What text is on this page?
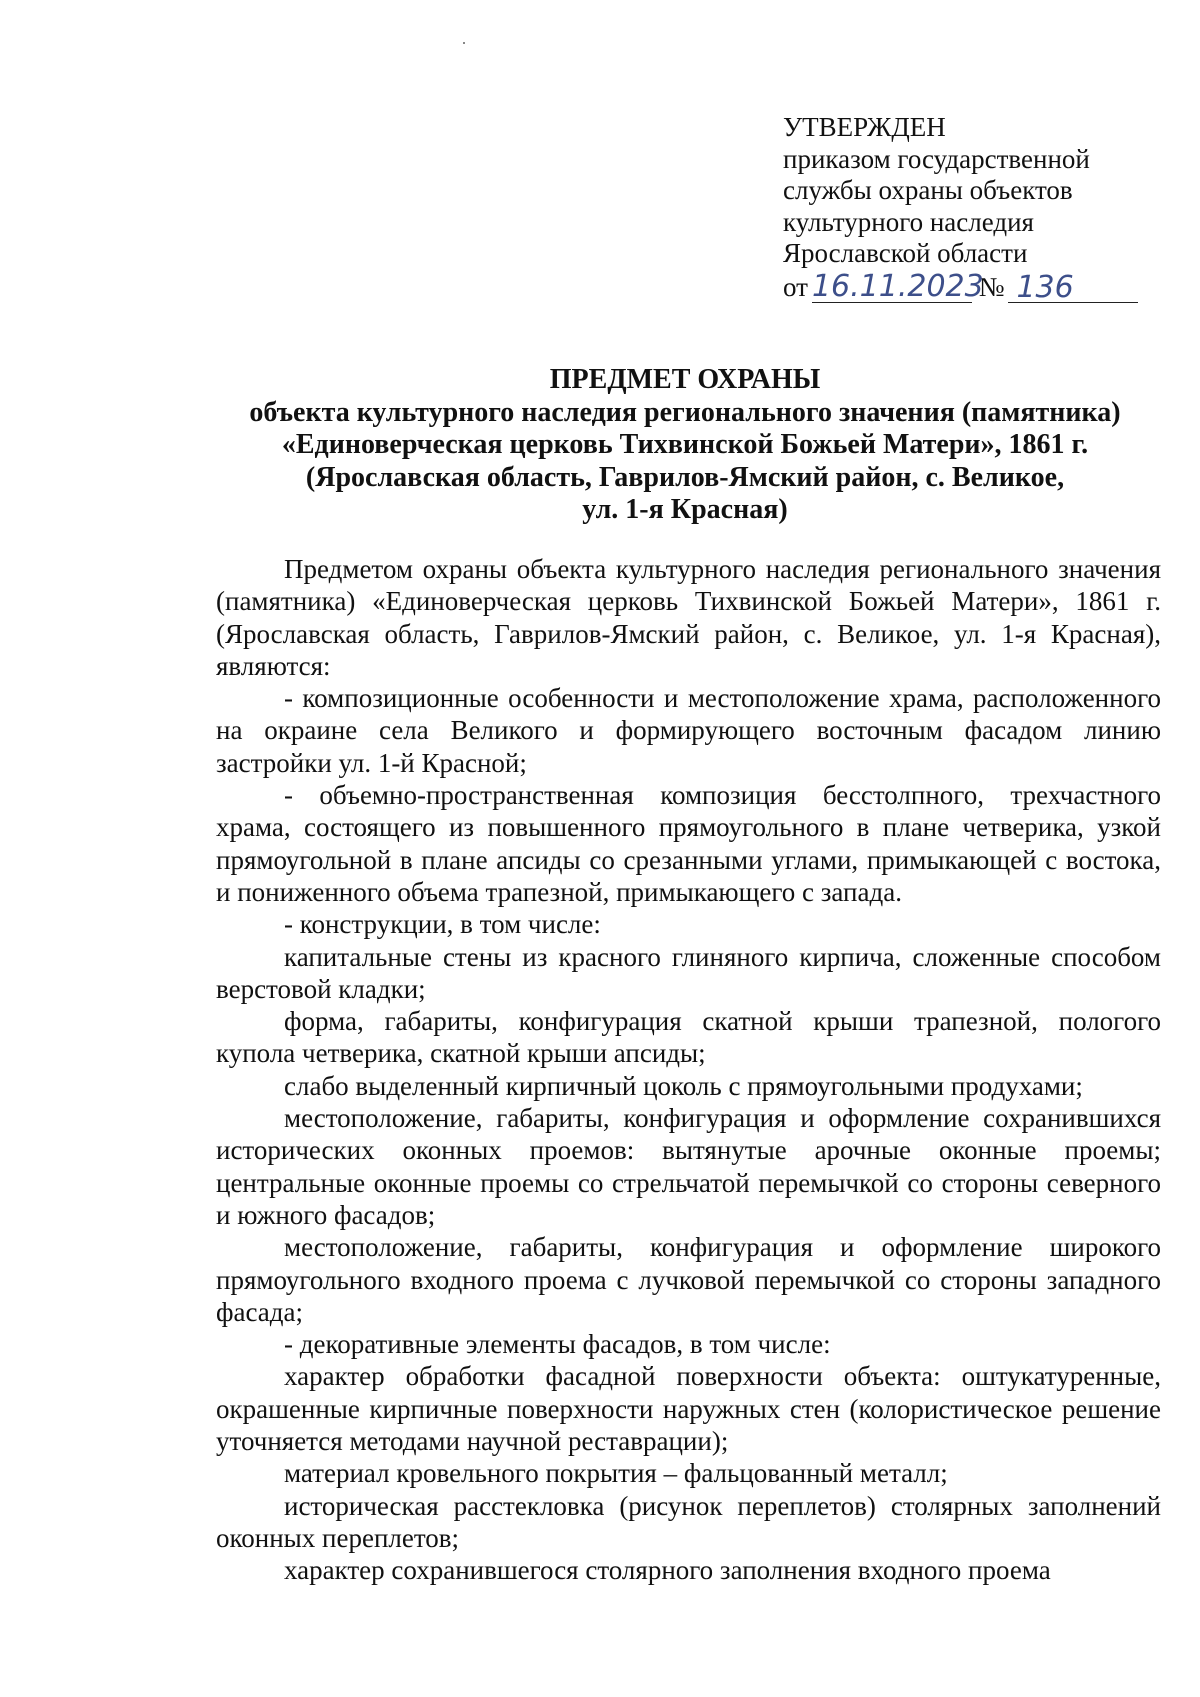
УТВЕРЖДЕН
приказом государственной
службы охраны объектов
культурного наследия
Ярославской области
от 16.11.2023 № 136
ПРЕДМЕТ ОХРАНЫ
объекта культурного наследия регионального значения (памятника)
«Единоверческая церковь Тихвинской Божьей Матери», 1861 г.
(Ярославская область, Гаврилов-Ямский район, с. Великое,
ул. 1-я Красная)

Предметом охраны объекта культурного наследия регионального значения (памятника) «Единоверческая церковь Тихвинской Божьей Матери», 1861 г. (Ярославская область, Гаврилов-Ямский район, с. Великое, ул. 1-я Красная), являются:

- композиционные особенности и местоположение храма, расположенного на окраине села Великого и формирующего восточным фасадом линию застройки ул. 1-й Красной;

- объемно-пространственная композиция бесстолпного, трехчастного храма, состоящего из повышенного прямоугольного в плане четверика, узкой прямоугольной в плане апсиды со срезанными углами, примыкающей с востока, и пониженного объема трапезной, примыкающего с запада.

- конструкции, в том числе:

капитальные стены из красного глиняного кирпича, сложенные способом верстовой кладки;

форма, габариты, конфигурация скатной крыши трапезной, пологого купола четверика, скатной крыши апсиды;

слабо выделенный кирпичный цоколь с прямоугольными продухами;

местоположение, габариты, конфигурация и оформление сохранившихся исторических оконных проемов: вытянутые арочные оконные проемы; центральные оконные проемы со стрельчатой перемычкой со стороны северного и южного фасадов;

местоположение, габариты, конфигурация и оформление широкого прямоугольного входного проема с лучковой перемычкой со стороны западного фасада;

- декоративные элементы фасадов, в том числе:

характер обработки фасадной поверхности объекта: оштукатуренные, окрашенные кирпичные поверхности наружных стен (колористическое решение уточняется методами научной реставрации);

материал кровельного покрытия – фальцованный металл;

историческая расстекловка (рисунок переплетов) столярных заполнений оконных переплетов;

характер сохранившегося столярного заполнения входного проема
